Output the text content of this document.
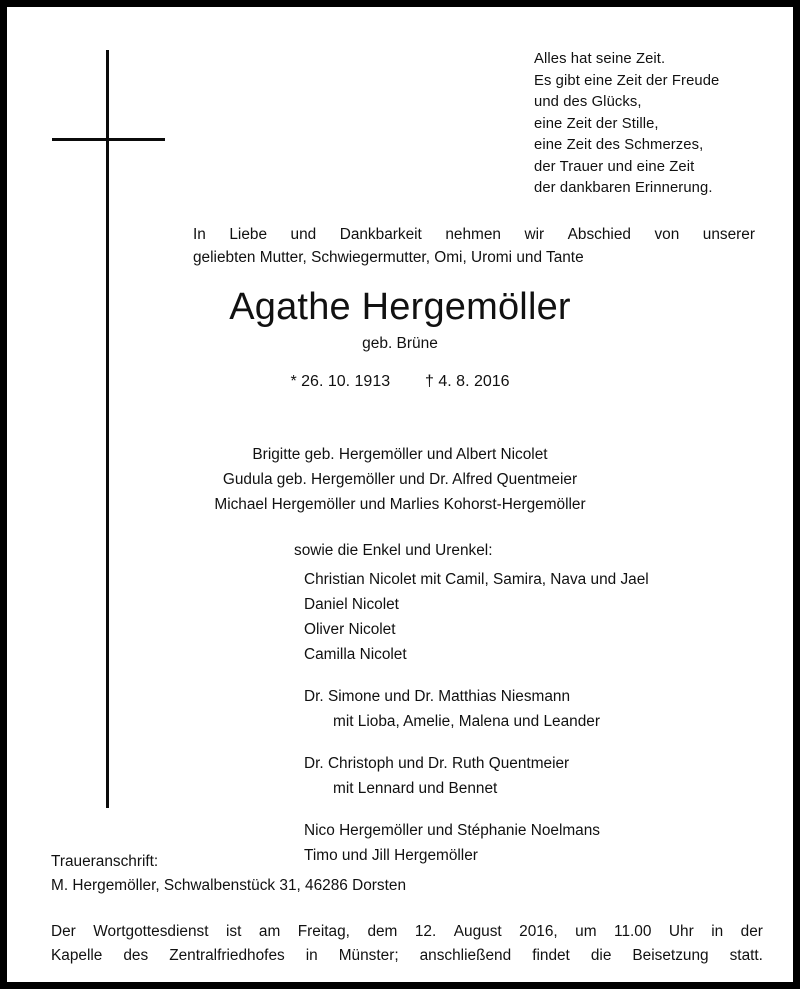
Alles hat seine Zeit.
Es gibt eine Zeit der Freude
und des Glücks,
eine Zeit der Stille,
eine Zeit des Schmerzes,
der Trauer und eine Zeit
der dankbaren Erinnerung.
In Liebe und Dankbarkeit nehmen wir Abschied von unserer
geliebten Mutter, Schwiegermutter, Omi, Uromi und Tante
Agathe Hergemöller
geb. Brüne
* 26. 10. 1913 † 4. 8. 2016
Brigitte geb. Hergemöller und Albert Nicolet
Gudula geb. Hergemöller und Dr. Alfred Quentmeier
Michael Hergemöller und Marlies Kohorst-Hergemöller
sowie die Enkel und Urenkel:
Christian Nicolet mit Camil, Samira, Nava und Jael
Daniel Nicolet
Oliver Nicolet
Camilla Nicolet
Dr. Simone und Dr. Matthias Niesmann
mit Lioba, Amelie, Malena und Leander
Dr. Christoph und Dr. Ruth Quentmeier
mit Lennard und Bennet
Nico Hergemöller und Stéphanie Noelmans
Timo und Jill Hergemöller
Traueranschrift:
M. Hergemöller, Schwalbenstück 31, 46286 Dorsten
Der Wortgottesdienst ist am Freitag, dem 12. August 2016, um 11.00 Uhr in der
Kapelle des Zentralfriedhofes in Münster; anschließend findet die Beisetzung statt.
